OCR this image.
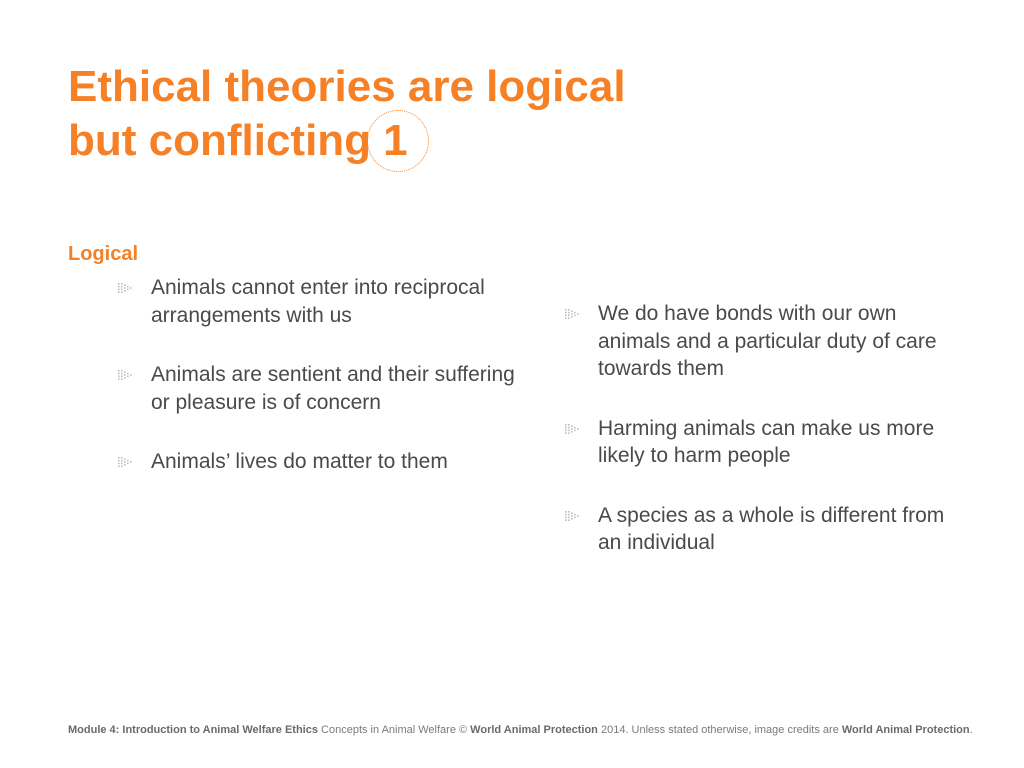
Ethical theories are logical
but conflicting 1
Logical
Animals cannot enter into reciprocal arrangements with us
Animals are sentient and their suffering or pleasure is of concern
Animals’ lives do matter to them
We do have bonds with our own animals and a particular duty of care towards them
Harming animals can make us more likely to harm people
A species as a whole is different from an individual
Module 4: Introduction to Animal Welfare Ethics Concepts in Animal Welfare © World Animal Protection 2014. Unless stated otherwise, image credits are World Animal Protection.
